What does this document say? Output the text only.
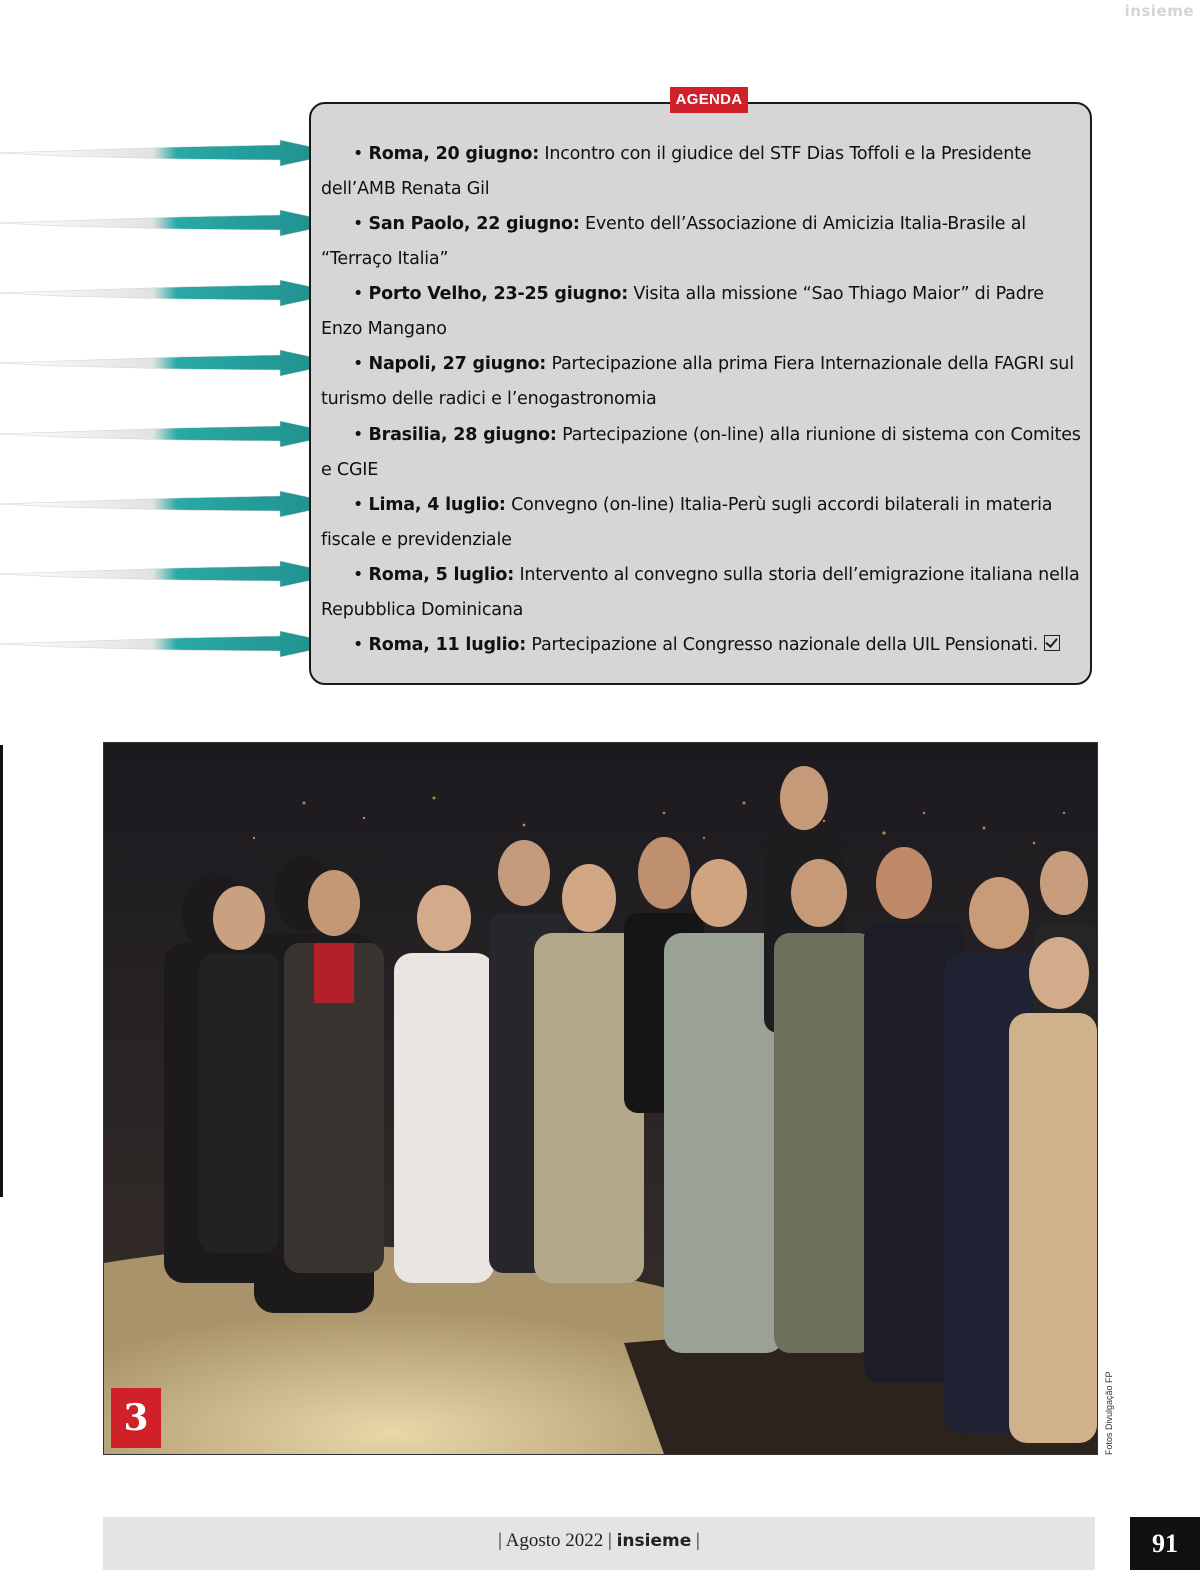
insieme
AGENDA
• Roma, 20 giugno: Incontro con il giudice del STF Dias Toffoli e la Presidente dell’AMB Renata Gil
• San Paolo, 22 giugno: Evento dell’Associazione di Amicizia Italia-Brasile al “Terraço Italia”
• Porto Velho, 23-25 giugno: Visita alla missione “Sao Thiago Maior” di Padre Enzo Mangano
• Napoli, 27 giugno: Partecipazione alla prima Fiera Internazionale della FAGRI sul turismo delle radici e l’enogastronomia
• Brasilia, 28 giugno: Partecipazione (on-line) alla riunione di sistema con Comites e CGIE
• Lima, 4 luglio: Convegno (on-line) Italia-Perù sugli accordi bilaterali in materia fiscale e previdenziale
• Roma, 5 luglio: Intervento al convegno sulla storia dell’emigrazione italiana nella Repubblica Dominicana
• Roma, 11 luglio: Partecipazione al Congresso nazionale della UIL Pensionati.
3	Fotos Divulgação FP
| Agosto 2022 | insieme |	91
